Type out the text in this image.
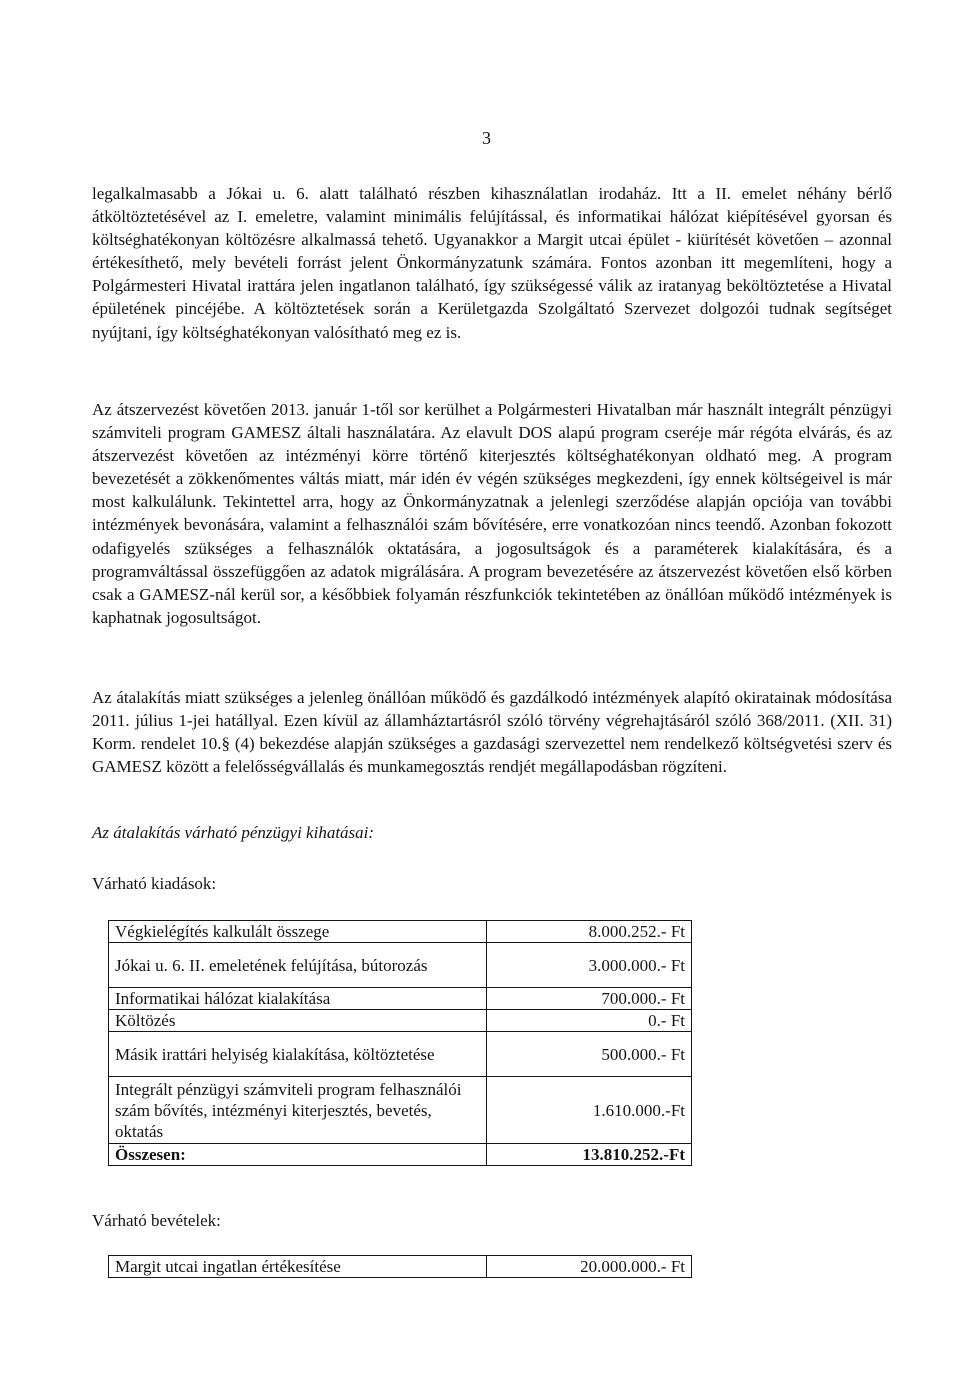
3

legalkalmasabb a Jókai u. 6. alatt található részben kihasználatlan irodaház. Itt a II. emelet néhány bérlő átköltöztetésével az I. emeletre, valamint minimális felújítással, és informatikai hálózat kiépítésével gyorsan és költséghatékonyan költözésre alkalmassá tehető. Ugyanakkor a Margit utcai épület - kiürítését követően – azonnal értékesíthető, mely bevételi forrást jelent Önkormányzatunk számára. Fontos azonban itt megemlíteni, hogy a Polgármesteri Hivatal irattára jelen ingatlanon található, így szükségessé válik az iratanyag beköltöztetése a Hivatal épületének pincéjébe. A költöztetések során a Kerületgazda Szolgáltató Szervezet dolgozói tudnak segítséget nyújtani, így költséghatékonyan valósítható meg ez is.

Az átszervezést követően 2013. január 1-től sor kerülhet a Polgármesteri Hivatalban már használt integrált pénzügyi számviteli program GAMESZ általi használatára. Az elavult DOS alapú program cseréje már régóta elvárás, és az átszervezést követően az intézményi körre történő kiterjesztés költséghatékonyan oldható meg. A program bevezetését a zökkenőmentes váltás miatt, már idén év végén szükséges megkezdeni, így ennek költségeivel is már most kalkulálunk. Tekintettel arra, hogy az Önkormányzatnak a jelenlegi szerződése alapján opciója van további intézmények bevonására, valamint a felhasználói szám bővítésére, erre vonatkozóan nincs teendő. Azonban fokozott odafigyelés szükséges a felhasználók oktatására, a jogosultságok és a paraméterek kialakítására, és a programváltással összefüggően az adatok migrálására. A program bevezetésére az átszervezést követően első körben csak a GAMESZ-nál kerül sor, a későbbiek folyamán részfunkciók tekintetében az önállóan működő intézmények is kaphatnak jogosultságot.

Az átalakítás miatt szükséges a jelenleg önállóan működő és gazdálkodó intézmények alapító okiratainak módosítása 2011. július 1-jei hatállyal. Ezen kívül az államháztartásról szóló törvény végrehajtásáról szóló 368/2011. (XII. 31) Korm. rendelet 10.§ (4) bekezdése alapján szükséges a gazdasági szervezettel nem rendelkező költségvetési szerv és GAMESZ között a felelősségvállalás és munkamegosztás rendjét megállapodásban rögzíteni.

Az átalakítás várható pénzügyi kihatásai:

Várható kiadások:

Végkielégítés kalkulált összege	8.000.252.- Ft
Jókai u. 6. II. emeletének felújítása, bútorozás	3.000.000.- Ft
Informatikai hálózat kialakítása	700.000.- Ft
Költözés	0.- Ft
Másik irattári helyiség kialakítása, költöztetése	500.000.- Ft
Integrált pénzügyi számviteli program felhasználói szám bővítés, intézményi kiterjesztés, bevetés, oktatás	1.610.000.-Ft
Összesen:	13.810.252.-Ft

Várható bevételek:

Margit utcai ingatlan értékesítése	20.000.000.- Ft
